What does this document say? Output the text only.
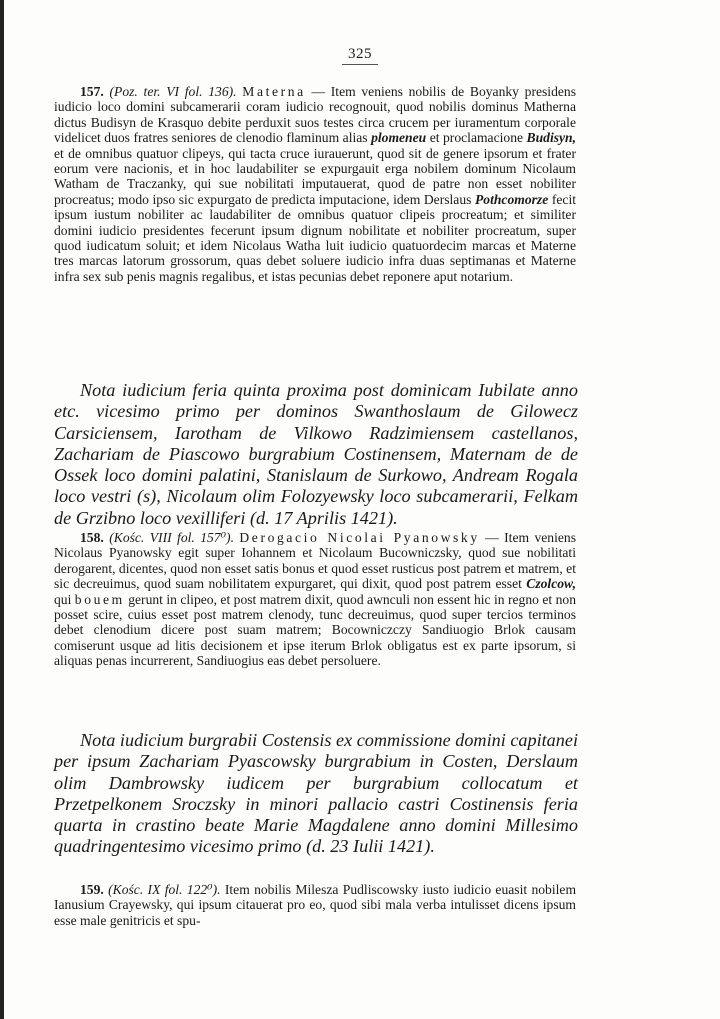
325

157. (Poz. ter. VI fol. 136). Materna — Item veniens nobilis de Boyanky presidens iudicio loco domini subcamerarii coram iudicio recognouit, quod nobilis dominus Matherna dictus Budisyn de Krasquo debite perduxit suos testes circa crucem per iuramentum corporale videlicet duos fratres seniores de clenodio flaminum alias plomeneu et proclamacione Budisyn, et de omnibus quatuor clipeys, qui tacta cruce iurauerunt, quod sit de genere ipsorum et frater eorum vere nacionis, et in hoc laudabiliter se expurgauit erga nobilem dominum Nicolaum Watham de Traczanky, qui sue nobilitati imputauerat, quod de patre non esset nobiliter procreatus; modo ipso sic expurgato de predicta imputacione, idem Derslaus Pothcomorze fecit ipsum iustum nobiliter ac laudabiliter de omnibus quatuor clipeis procreatum; et similiter domini iudicio presidentes fecerunt ipsum dignum nobilitate et nobiliter procreatum, super quod iudicatum soluit; et idem Nicolaus Watha luit iudicio quatuordecim marcas et Materne tres marcas latorum grossorum, quas debet soluere iudicio infra duas septimanas et Materne infra sex sub penis magnis regalibus, et istas pecunias debet reponere aput notarium.

Nota iudicium feria quinta proxima post dominicam Iubilate anno etc. vicesimo primo per dominos Swanthoslaum de Gilowecz Carsiciensem, Iarotham de Vilkowo Radzimiensem castellanos, Zachariam de Piascowo burgrabium Costinensem, Maternam de de Ossek loco domini palatini, Stanislaum de Surkowo, Andream Rogala loco vestri (s), Nicolaum olim Folozyewsky loco subcamerarii, Felkam de Grzibno loco vexilliferi (d. 17 Aprilis 1421).

158. (Kośc. VIII fol. 157⁰). Derogacio Nicolai Pyanowsky — Item veniens Nicolaus Pyanowsky egit super Iohannem et Nicolaum Bucowniczsky, quod sue nobilitati derogarent, dicentes, quod non esset satis bonus et quod esset rusticus post patrem et matrem, et sic decreuimus, quod suam nobilitatem expurgaret, qui dixit, quod post patrem esset Czolcow, qui bouem gerunt in clipeo, et post matrem dixit, quod awnculi non essent hic in regno et non posset scire, cuius esset post matrem clenody, tunc decreuimus, quod super tercios terminos debet clenodium dicere post suam matrem; Bocowniczczy Sandiuogio Brlok causam comiserunt usque ad litis decisionem et ipse iterum Brlok obligatus est ex parte ipsorum, si aliquas penas incurrerent, Sandiuogius eas debet persoluere.

Nota iudicium burgrabii Costensis ex commissione domini capitanei per ipsum Zachariam Pyascowsky burgrabium in Costen, Derslaum olim Dambrowsky iudicem per burgrabium collocatum et Przetpelkonem Sroczsky in minori pallacio castri Costinensis feria quarta in crastino beate Marie Magdalene anno domini Millesimo quadringentesimo vicesimo primo (d. 23 Iulii 1421).

159. (Kośc. IX fol. 122⁰). Item nobilis Milesza Pudliscowsky iusto iudicio euasit nobilem Ianusium Crayewsky, qui ipsum citauerat pro eo, quod sibi mala verba intulisset dicens ipsum esse male genitricis et spu-
